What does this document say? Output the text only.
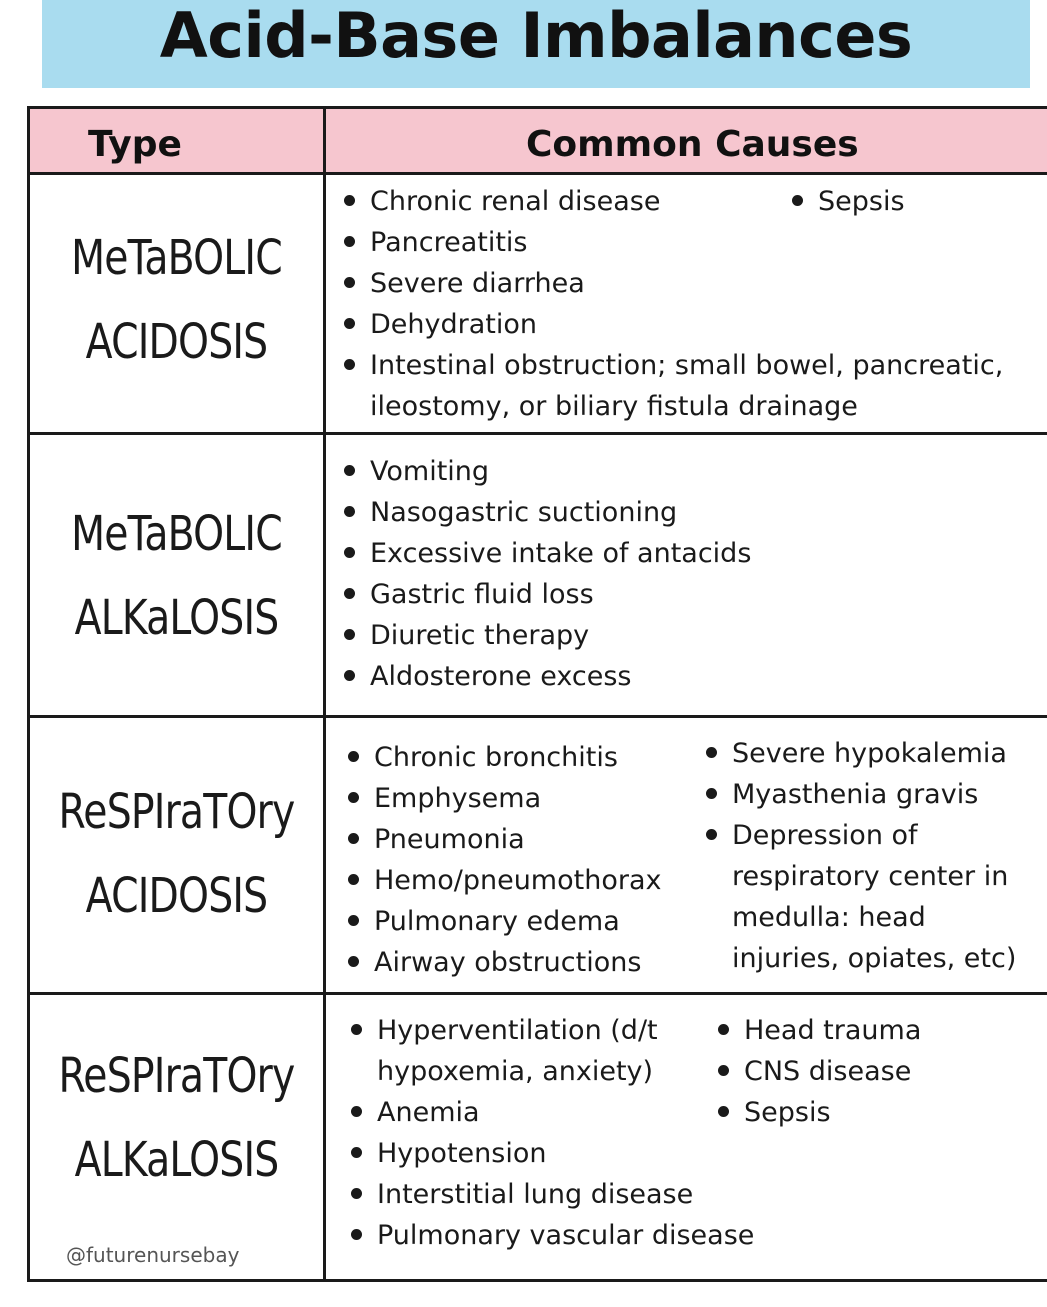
Acid-Base Imbalances
Type	Common Causes
MeTaBOLIC
ACIDOSIS
Chronic renal disease
Pancreatitis
Severe diarrhea
Dehydration
Intestinal obstruction; small bowel, pancreatic,
ileostomy, or biliary fistula drainage
Sepsis
MeTaBOLIC
ALKaLOSIS
Vomiting
Nasogastric suctioning
Excessive intake of antacids
Gastric fluid loss
Diuretic therapy
Aldosterone excess
ReSPIraTOry
ACIDOSIS
Chronic bronchitis
Emphysema
Pneumonia
Hemo/pneumothorax
Pulmonary edema
Airway obstructions
Severe hypokalemia
Myasthenia gravis
Depression of
respiratory center in
medulla: head
injuries, opiates, etc)
ReSPIraTOry
ALKaLOSIS
Hyperventilation (d/t
hypoxemia, anxiety)
Anemia
Hypotension
Interstitial lung disease
Pulmonary vascular disease
Head trauma
CNS disease
Sepsis
@futurenursebay
